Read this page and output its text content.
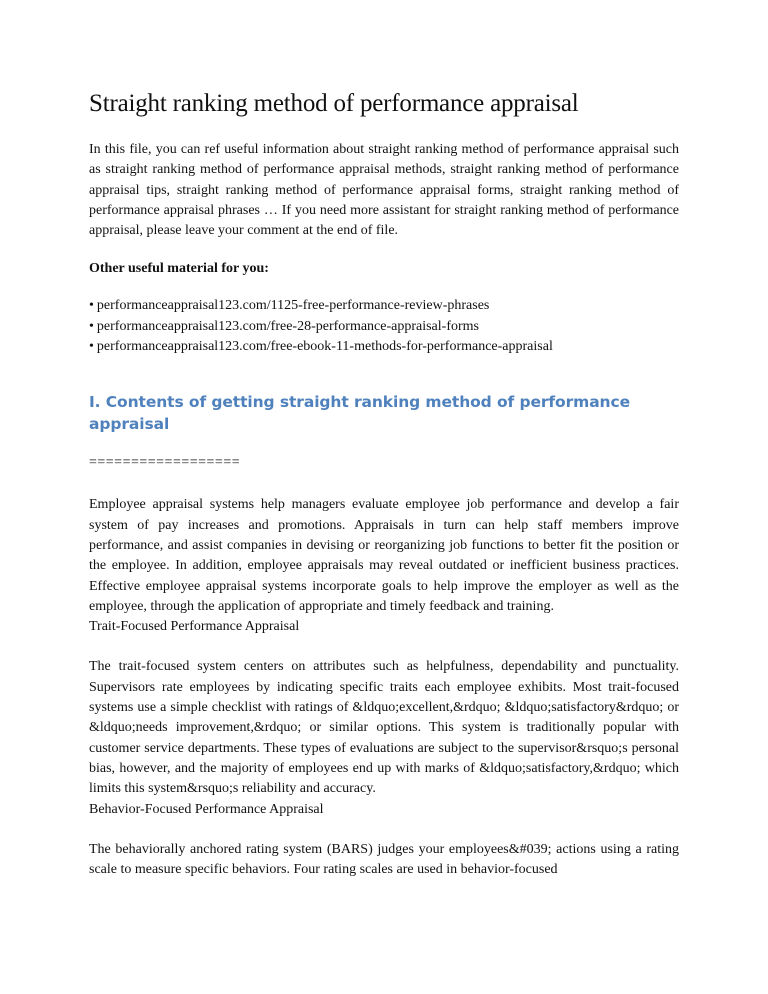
Straight ranking method of performance appraisal

In this file, you can ref useful information about straight ranking method of performance appraisal such as straight ranking method of performance appraisal methods, straight ranking method of performance appraisal tips, straight ranking method of performance appraisal forms, straight ranking method of performance appraisal phrases … If you need more assistant for straight ranking method of performance appraisal, please leave your comment at the end of file.

Other useful material for you:

• performanceappraisal123.com/1125-free-performance-review-phrases
• performanceappraisal123.com/free-28-performance-appraisal-forms
• performanceappraisal123.com/free-ebook-11-methods-for-performance-appraisal
I. Contents of getting straight ranking method of performance appraisal

==================

Employee appraisal systems help managers evaluate employee job performance and develop a fair system of pay increases and promotions. Appraisals in turn can help staff members improve performance, and assist companies in devising or reorganizing job functions to better fit the position or the employee. In addition, employee appraisals may reveal outdated or inefficient business practices. Effective employee appraisal systems incorporate goals to help improve the employer as well as the employee, through the application of appropriate and timely feedback and training.

Trait-Focused Performance Appraisal

The trait-focused system centers on attributes such as helpfulness, dependability and punctuality. Supervisors rate employees by indicating specific traits each employee exhibits. Most trait-focused systems use a simple checklist with ratings of &ldquo;excellent,&rdquo; &ldquo;satisfactory&rdquo; or &ldquo;needs improvement,&rdquo; or similar options. This system is traditionally popular with customer service departments. These types of evaluations are subject to the supervisor&rsquo;s personal bias, however, and the majority of employees end up with marks of &ldquo;satisfactory,&rdquo; which limits this system&rsquo;s reliability and accuracy.

Behavior-Focused Performance Appraisal

The behaviorally anchored rating system (BARS) judges your employees&#039; actions using a rating scale to measure specific behaviors. Four rating scales are used in behavior-focused
